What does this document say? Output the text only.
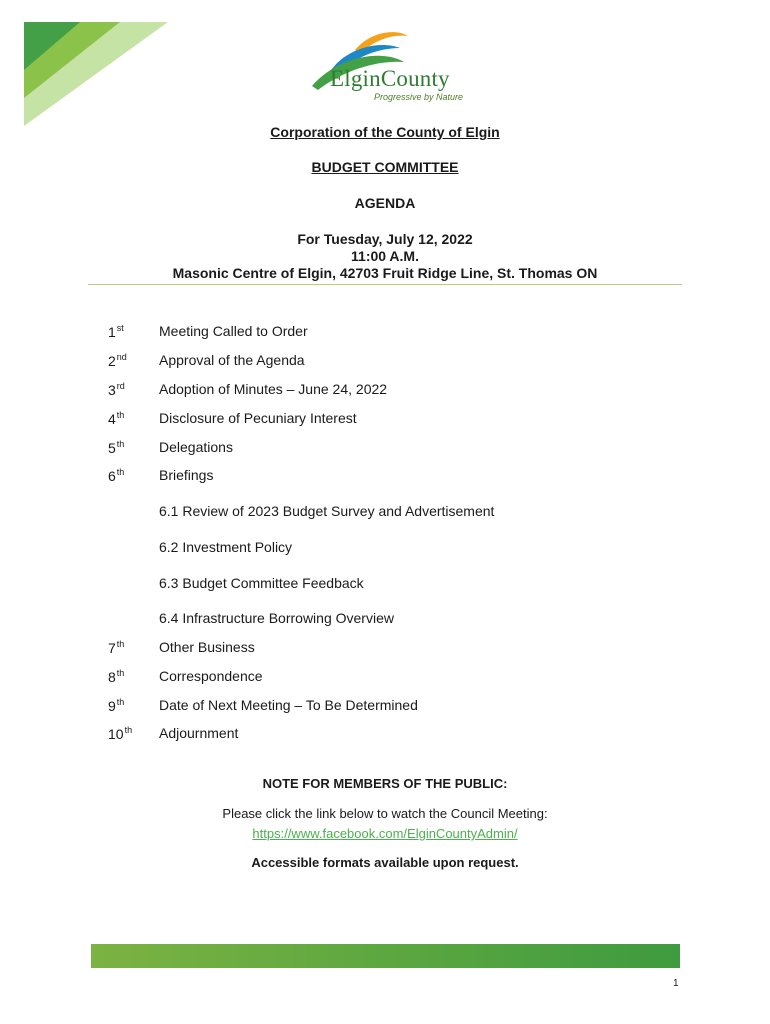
ElginCounty
Progressive by Nature
Corporation of the County of Elgin
BUDGET COMMITTEE
AGENDA
For Tuesday, July 12, 2022
11:00 A.M.
Masonic Centre of Elgin, 42703 Fruit Ridge Line, St. Thomas ON
1st	Meeting Called to Order
2nd	Approval of the Agenda
3rd	Adoption of Minutes – June 24, 2022
4th	Disclosure of Pecuniary Interest
5th	Delegations
6th	Briefings
6.1 Review of 2023 Budget Survey and Advertisement
6.2 Investment Policy
6.3 Budget Committee Feedback
6.4 Infrastructure Borrowing Overview
7th	Other Business
8th	Correspondence
9th	Date of Next Meeting – To Be Determined
10th	Adjournment
NOTE FOR MEMBERS OF THE PUBLIC:
Please click the link below to watch the Council Meeting:
https://www.facebook.com/ElginCountyAdmin/
Accessible formats available upon request.
1
